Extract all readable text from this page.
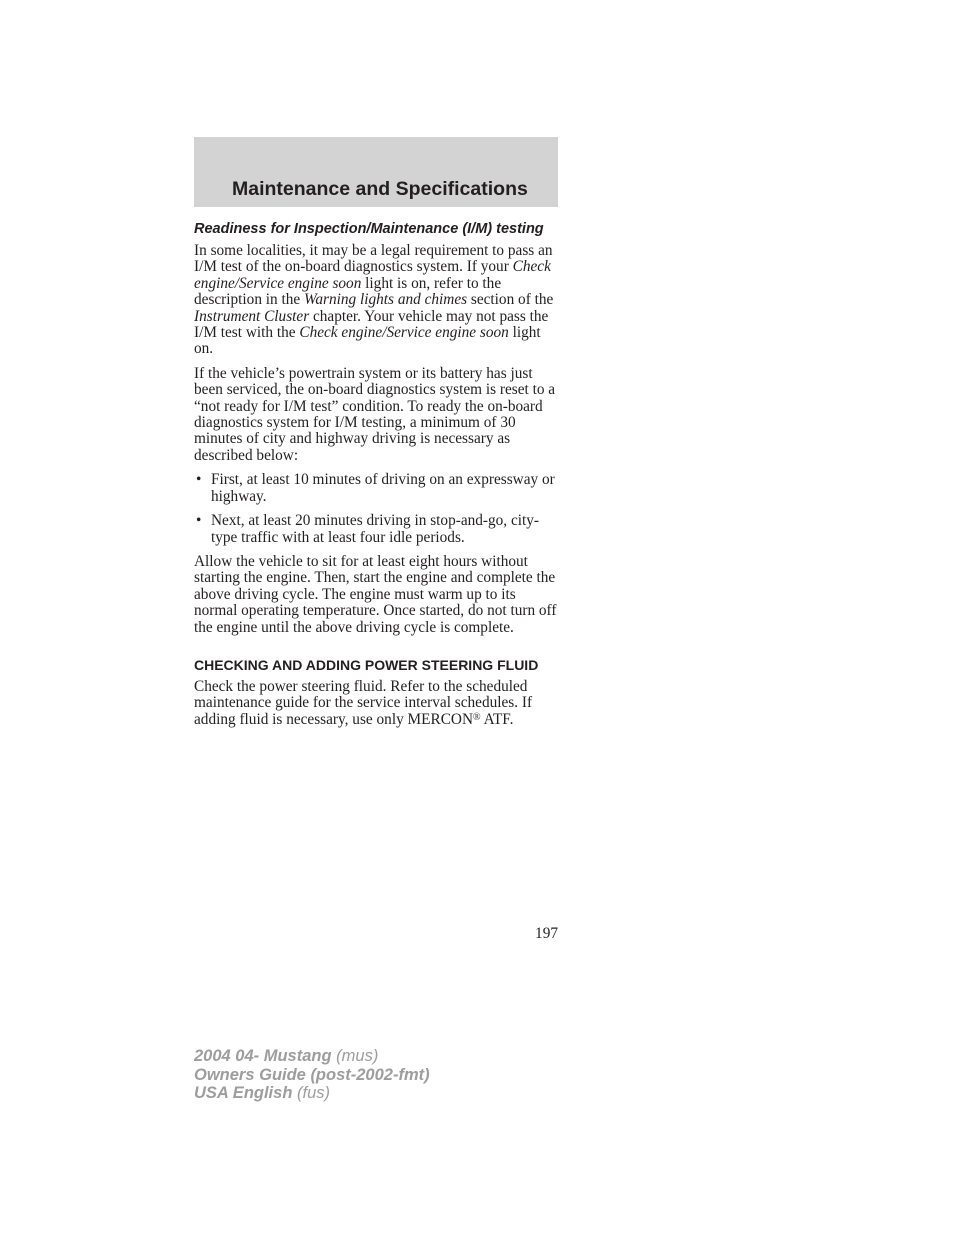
Maintenance and Specifications
Readiness for Inspection/Maintenance (I/M) testing

In some localities, it may be a legal requirement to pass an I/M test of the on-board diagnostics system. If your Check engine/Service engine soon light is on, refer to the description in the Warning lights and chimes section of the Instrument Cluster chapter. Your vehicle may not pass the I/M test with the Check engine/Service engine soon light on.

If the vehicle’s powertrain system or its battery has just been serviced, the on-board diagnostics system is reset to a “not ready for I/M test” condition. To ready the on-board diagnostics system for I/M testing, a minimum of 30 minutes of city and highway driving is necessary as described below:

• First, at least 10 minutes of driving on an expressway or highway.
• Next, at least 20 minutes driving in stop-and-go, city-type traffic with at least four idle periods.

Allow the vehicle to sit for at least eight hours without starting the engine. Then, start the engine and complete the above driving cycle. The engine must warm up to its normal operating temperature. Once started, do not turn off the engine until the above driving cycle is complete.

CHECKING AND ADDING POWER STEERING FLUID

Check the power steering fluid. Refer to the scheduled maintenance guide for the service interval schedules. If adding fluid is necessary, use only MERCON® ATF.

197
2004 04- Mustang (mus)
Owners Guide (post-2002-fmt)
USA English (fus)
